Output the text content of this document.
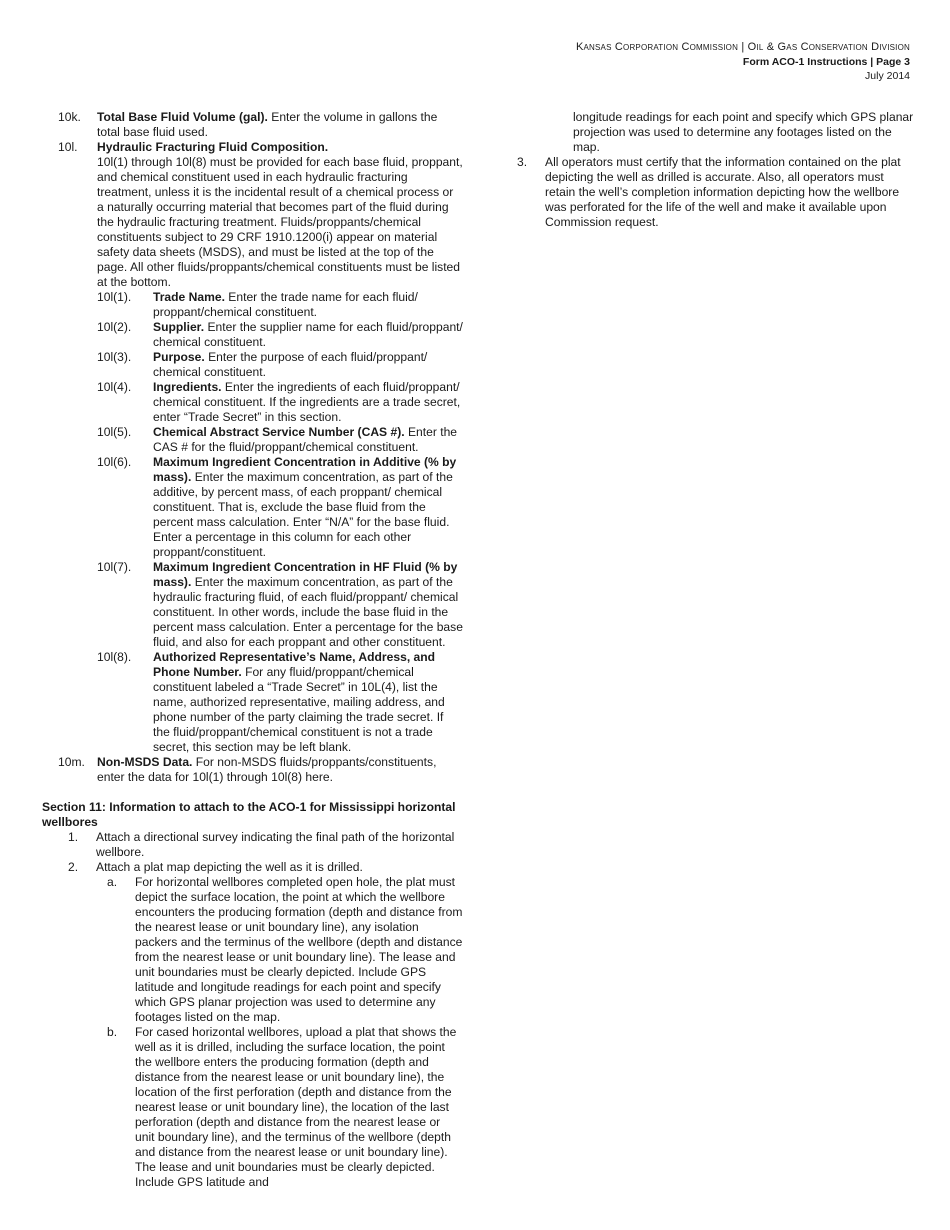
Kansas Corporation Commission | Oil & Gas Conservation Division
Form ACO-1 Instructions | Page 3
July 2014
10k.	Total Base Fluid Volume (gal). Enter the volume in gallons the total base fluid used.
10l.	Hydraulic Fracturing Fluid Composition.
10l(1) through 10l(8) must be provided for each base fluid, proppant, and chemical constituent used in each hydraulic fracturing treatment, unless it is the incidental result of a chemical process or a naturally occurring material that becomes part of the fluid during the hydraulic fracturing treatment. Fluids/proppants/chemical constituents subject to 29 CRF 1910.1200(i) appear on material safety data sheets (MSDS), and must be listed at the top of the page. All other fluids/proppants/chemical constituents must be listed at the bottom.
10l(1).	Trade Name. Enter the trade name for each fluid/ proppant/chemical constituent.
10l(2).	Supplier. Enter the supplier name for each fluid/proppant/ chemical constituent.
10l(3).	Purpose. Enter the purpose of each fluid/proppant/ chemical constituent.
10l(4).	Ingredients. Enter the ingredients of each fluid/proppant/ chemical constituent. If the ingredients are a trade secret, enter “Trade Secret” in this section.
10l(5).	Chemical Abstract Service Number (CAS #). Enter the CAS # for the fluid/proppant/chemical constituent.
10l(6).	Maximum Ingredient Concentration in Additive (% by mass). Enter the maximum concentration, as part of the additive, by percent mass, of each proppant/ chemical constituent. That is, exclude the base fluid from the percent mass calculation. Enter “N/A” for the base fluid. Enter a percentage in this column for each other proppant/constituent.
10l(7).	Maximum Ingredient Concentration in HF Fluid (% by mass). Enter the maximum concentration, as part of the hydraulic fracturing fluid, of each fluid/proppant/ chemical constituent. In other words, include the base fluid in the percent mass calculation. Enter a percentage for the base fluid, and also for each proppant and other constituent.
10l(8).	Authorized Representative’s Name, Address, and Phone Number. For any fluid/proppant/chemical constituent labeled a “Trade Secret” in 10L(4), list the name, authorized representative, mailing address, and phone number of the party claiming the trade secret. If the fluid/proppant/chemical constituent is not a trade secret, this section may be left blank.
10m.	Non-MSDS Data. For non-MSDS fluids/proppants/constituents, enter the data for 10l(1) through 10l(8) here.
Section 11: Information to attach to the ACO-1 for Mississippi horizontal wellbores
1.	Attach a directional survey indicating the final path of the horizontal wellbore.
2.	Attach a plat map depicting the well as it is drilled.
a.	For horizontal wellbores completed open hole, the plat must depict the surface location, the point at which the wellbore encounters the producing formation (depth and distance from the nearest lease or unit boundary line), any isolation packers and the terminus of the wellbore (depth and distance from the nearest lease or unit boundary line). The lease and unit boundaries must be clearly depicted. Include GPS latitude and longitude readings for each point and specify which GPS planar projection was used to determine any footages listed on the map.
b.	For cased horizontal wellbores, upload a plat that shows the well as it is drilled, including the surface location, the point the wellbore enters the producing formation (depth and distance from the nearest lease or unit boundary line), the location of the first perforation (depth and distance from the nearest lease or unit boundary line), the location of the last perforation (depth and distance from the nearest lease or unit boundary line), and the terminus of the wellbore (depth and distance from the nearest lease or unit boundary line). The lease and unit boundaries must be clearly depicted. Include GPS latitude and
longitude readings for each point and specify which GPS planar projection was used to determine any footages listed on the map.
3.	All operators must certify that the information contained on the plat depicting the well as drilled is accurate. Also, all operators must retain the well’s completion information depicting how the wellbore was perforated for the life of the well and make it available upon Commission request.
